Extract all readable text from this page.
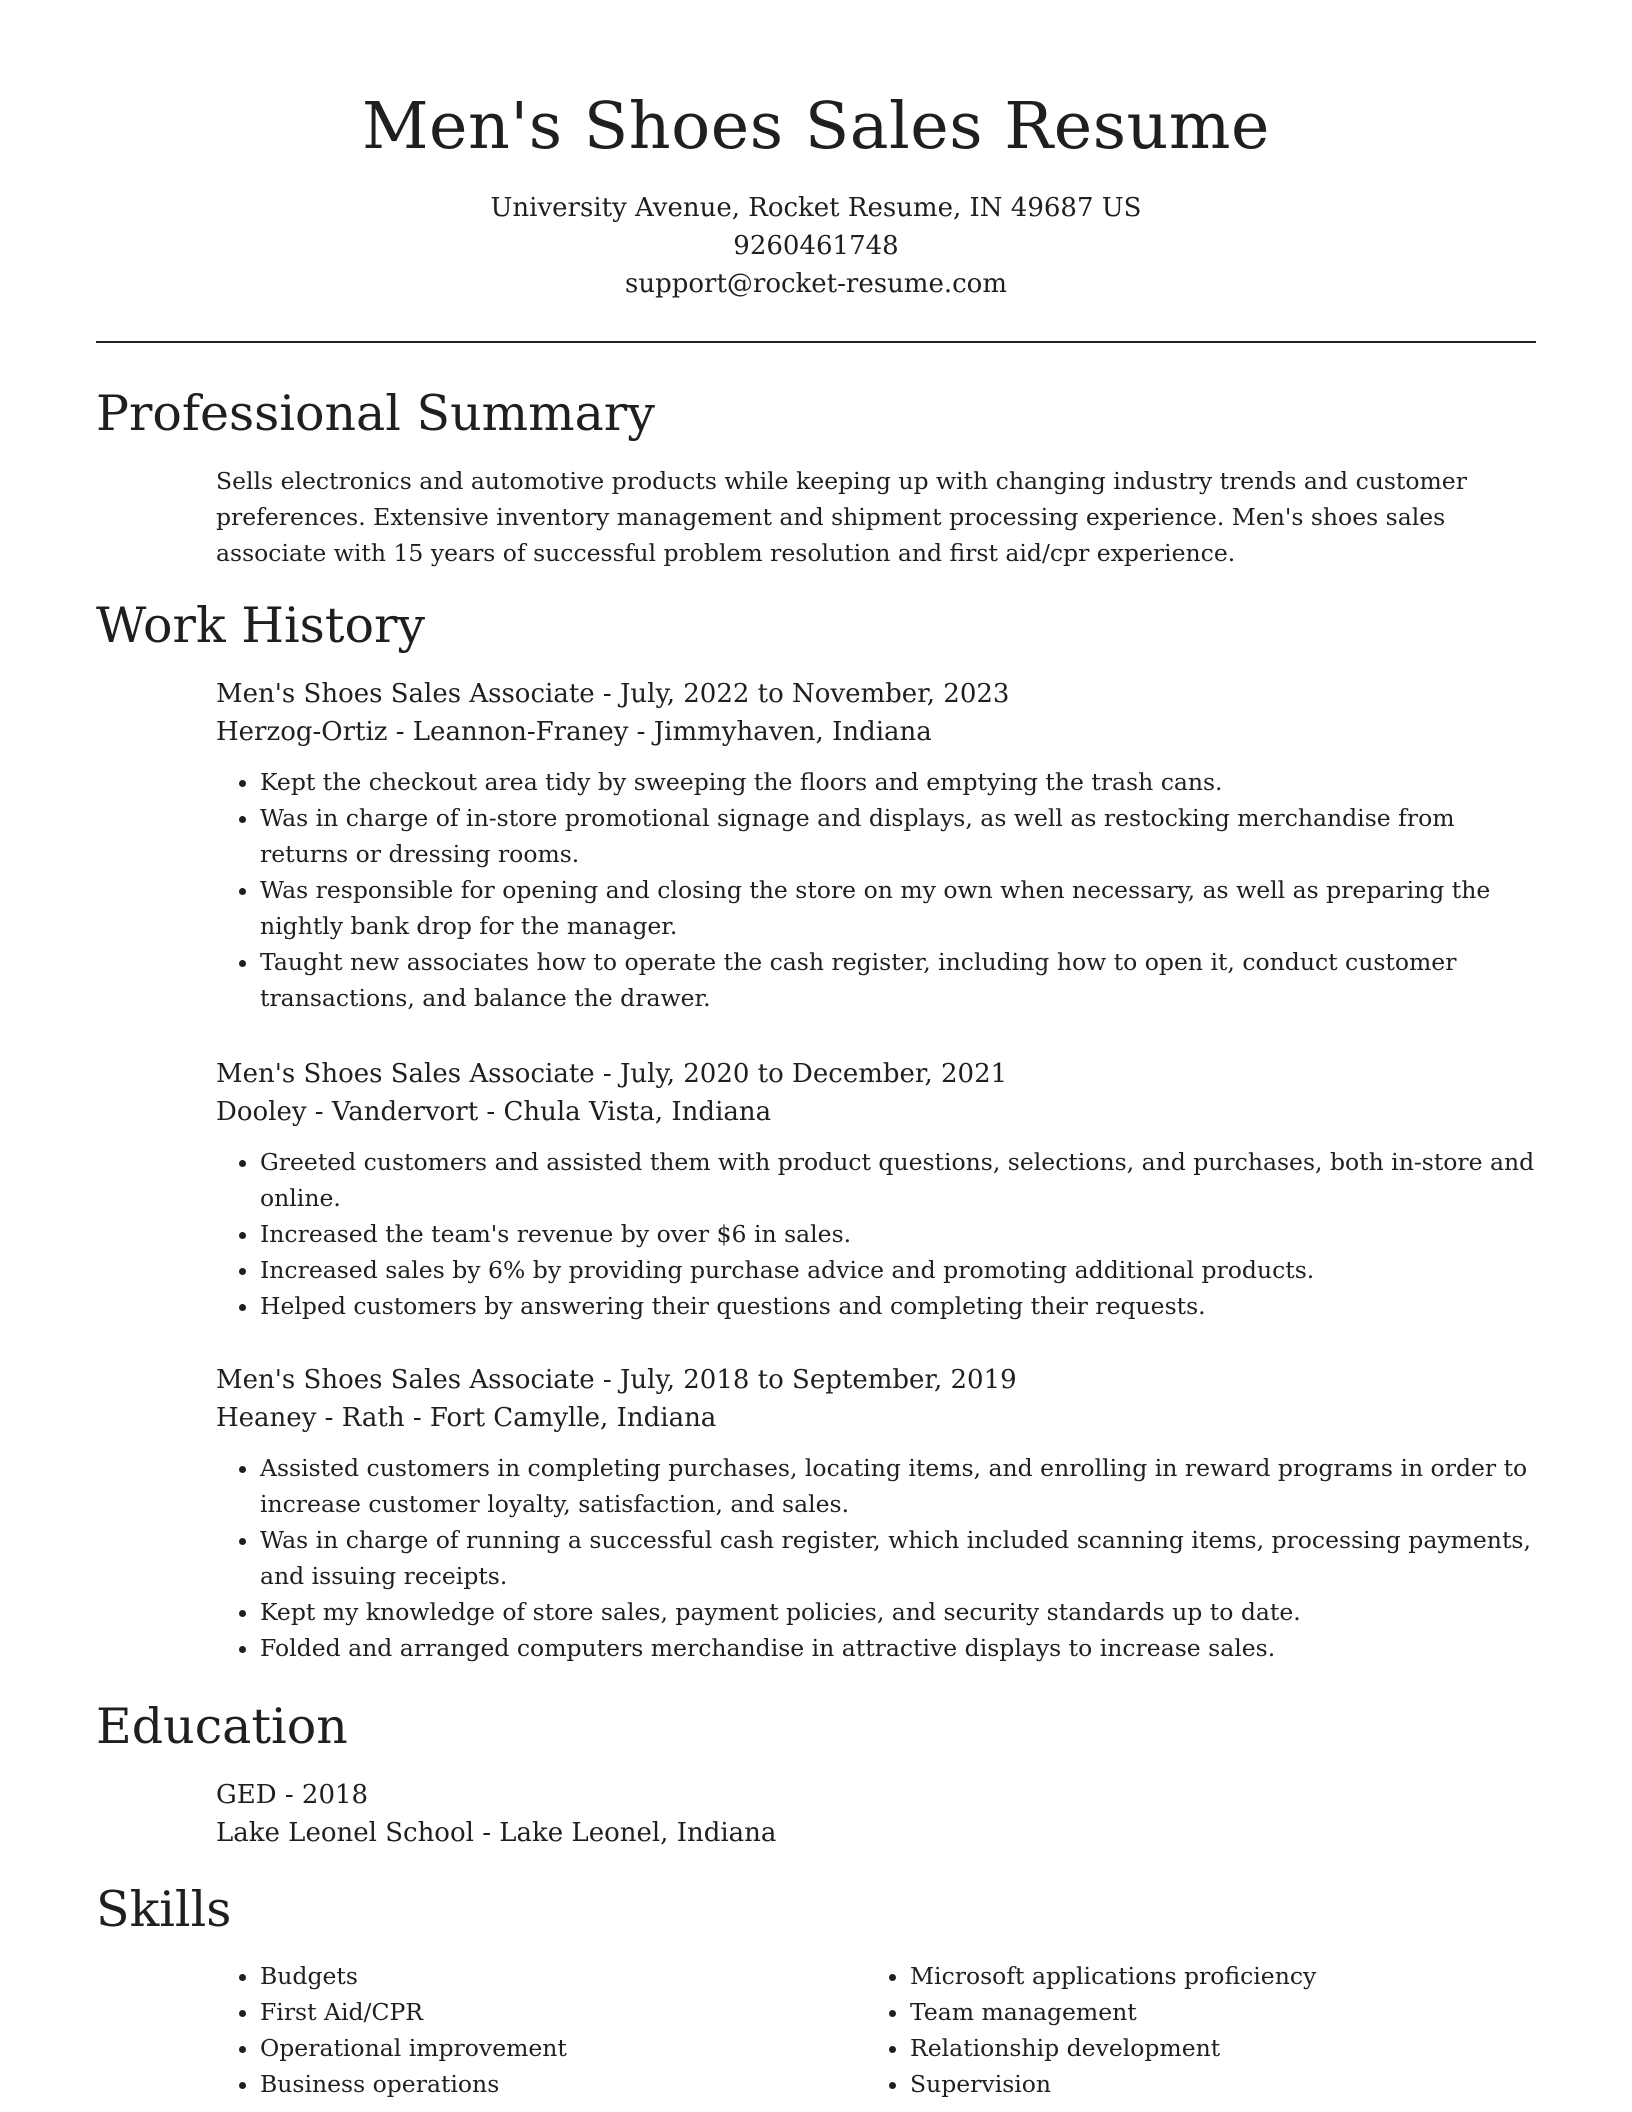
Men's Shoes Sales Resume
University Avenue, Rocket Resume, IN 49687 US
9260461748
support@rocket-resume.com
Professional Summary

Sells electronics and automotive products while keeping up with changing industry trends and customer preferences. Extensive inventory management and shipment processing experience. Men's shoes sales associate with 15 years of successful problem resolution and first aid/cpr experience.

Work History
Men's Shoes Sales Associate - July, 2022 to November, 2023
Herzog-Ortiz - Leannon-Franey - Jimmyhaven, Indiana
• Kept the checkout area tidy by sweeping the floors and emptying the trash cans.
• Was in charge of in-store promotional signage and displays, as well as restocking merchandise from returns or dressing rooms.
• Was responsible for opening and closing the store on my own when necessary, as well as preparing the nightly bank drop for the manager.
• Taught new associates how to operate the cash register, including how to open it, conduct customer transactions, and balance the drawer.
Men's Shoes Sales Associate - July, 2020 to December, 2021
Dooley - Vandervort - Chula Vista, Indiana
• Greeted customers and assisted them with product questions, selections, and purchases, both in-store and online.
• Increased the team's revenue by over $6 in sales.
• Increased sales by 6% by providing purchase advice and promoting additional products.
• Helped customers by answering their questions and completing their requests.
Men's Shoes Sales Associate - July, 2018 to September, 2019
Heaney - Rath - Fort Camylle, Indiana
• Assisted customers in completing purchases, locating items, and enrolling in reward programs in order to increase customer loyalty, satisfaction, and sales.
• Was in charge of running a successful cash register, which included scanning items, processing payments, and issuing receipts.
• Kept my knowledge of store sales, payment policies, and security standards up to date.
• Folded and arranged computers merchandise in attractive displays to increase sales.
Education
GED - 2018
Lake Leonel School - Lake Leonel, Indiana
Skills
• Budgets
• First Aid/CPR
• Operational improvement
• Business operations
• Microsoft applications proficiency
• Team management
• Relationship development
• Supervision
